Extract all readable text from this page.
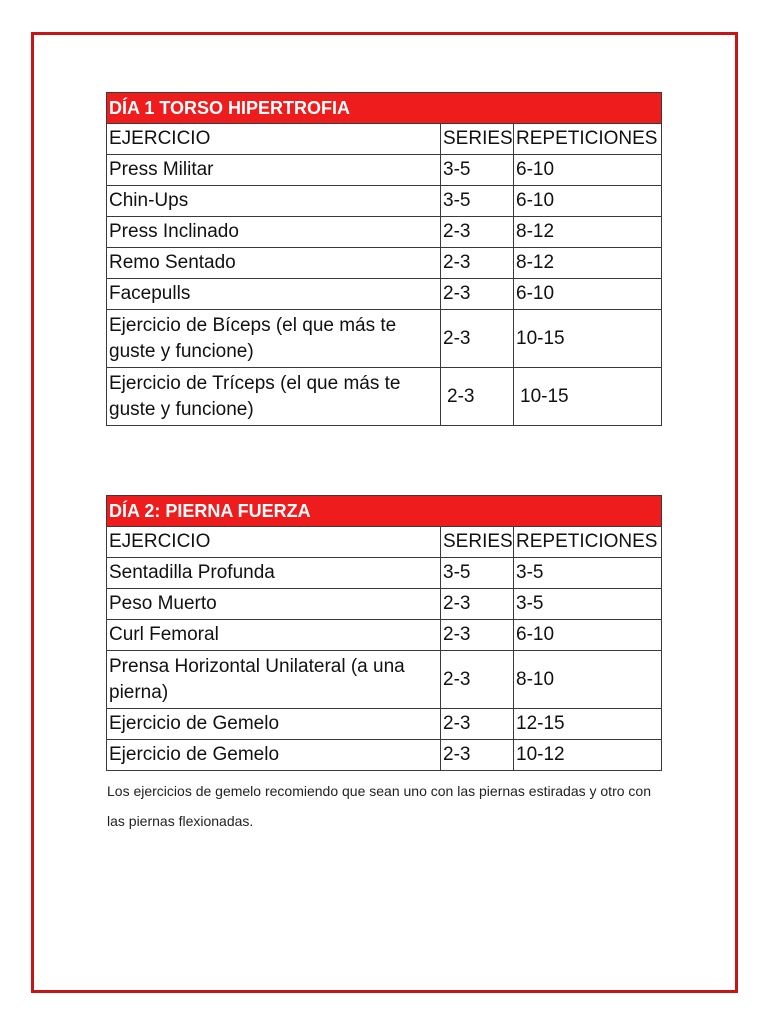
DÍA 1 TORSO HIPERTROFIA		
EJERCICIO	SERIES	REPETICIONES
Press Militar	3-5	6-10
Chin-Ups	3-5	6-10
Press Inclinado	2-3	8-12
Remo Sentado	2-3	8-12
Facepulls	2-3	6-10
Ejercicio de Bíceps (el que más te guste y funcione)	2-3	10-15
Ejercicio de Tríceps (el que más te guste y funcione)	2-3	10-15
DÍA 2: PIERNA FUERZA		
EJERCICIO	SERIES	REPETICIONES
Sentadilla Profunda	3-5	3-5
Peso Muerto	2-3	3-5
Curl Femoral	2-3	6-10
Prensa Horizontal Unilateral (a una pierna)	2-3	8-10
Ejercicio de Gemelo	2-3	12-15
Ejercicio de Gemelo	2-3	10-12
Los ejercicios de gemelo recomiendo que sean uno con las piernas estiradas y otro con las piernas flexionadas.
